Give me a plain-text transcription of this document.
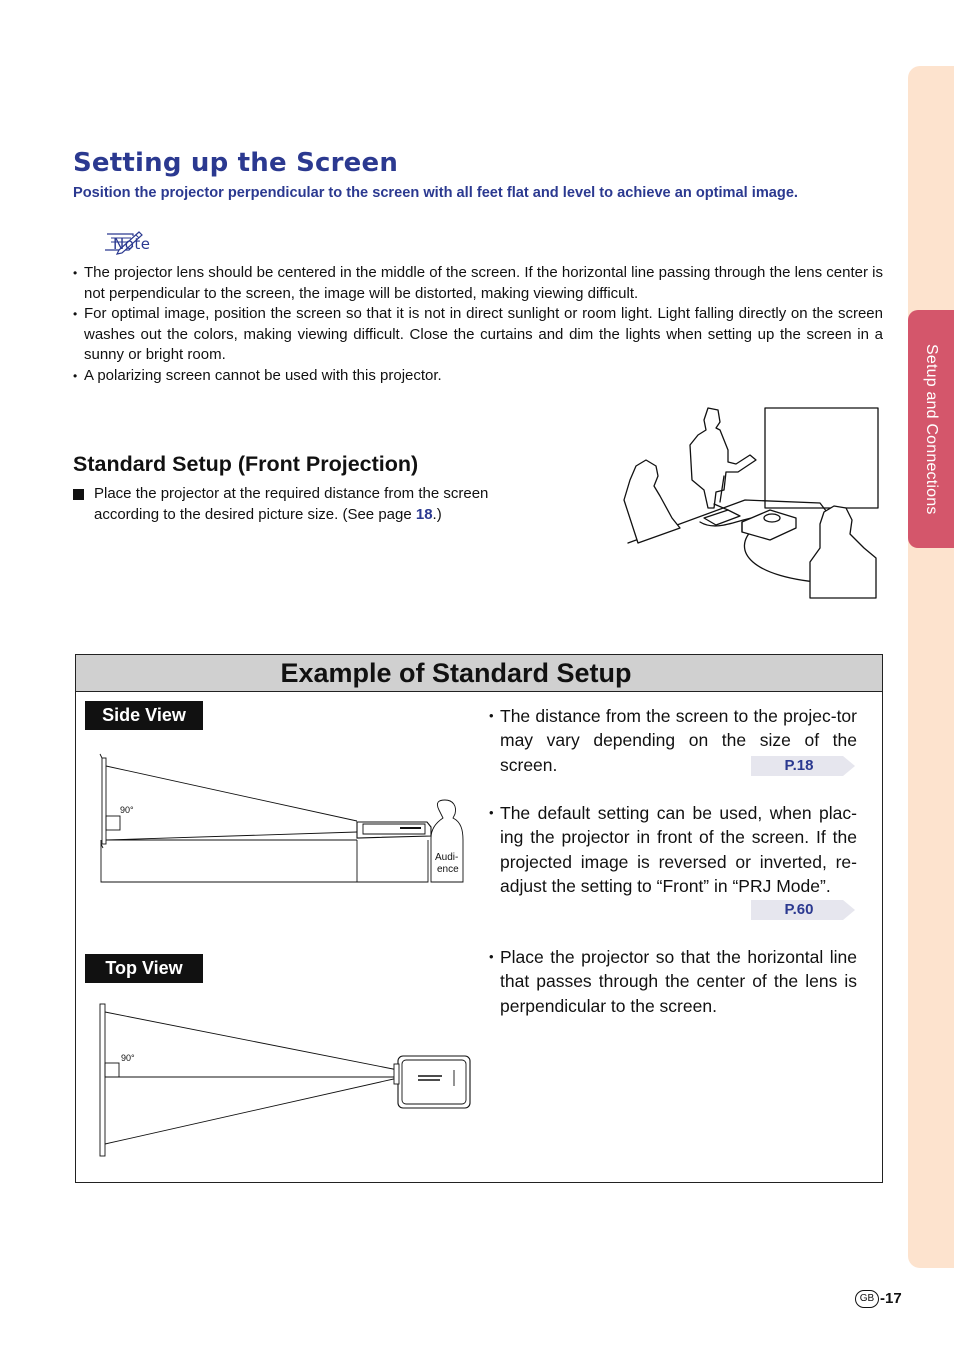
Setup and Connections
Setting up the Screen
Position the projector perpendicular to the screen with all feet flat and level to achieve an optimal image.
Note
• The projector lens should be centered in the middle of the screen. If the horizontal line passing through the lens center is not perpendicular to the screen, the image will be distorted, making viewing difficult.
• For optimal image, position the screen so that it is not in direct sunlight or room light. Light falling directly on the screen washes out the colors, making viewing difficult. Close the curtains and dim the lights when setting up the screen in a sunny or bright room.
• A polarizing screen cannot be used with this projector.
Standard Setup (Front Projection)
Place the projector at the required distance from the screen according to the desired picture size. (See page 18.)
Example of Standard Setup
Side View
90°
Audi-
ence
Top View
90°
• The distance from the screen to the projec-tor may vary depending on the size of the screen.	P.18
• The default setting can be used, when plac-ing the projector in front of the screen. If the projected image is reversed or inverted, re-adjust the setting to “Front” in “PRJ Mode”.
P.60
• Place the projector so that the horizontal line that passes through the center of the lens is perpendicular to the screen.
GB -17
